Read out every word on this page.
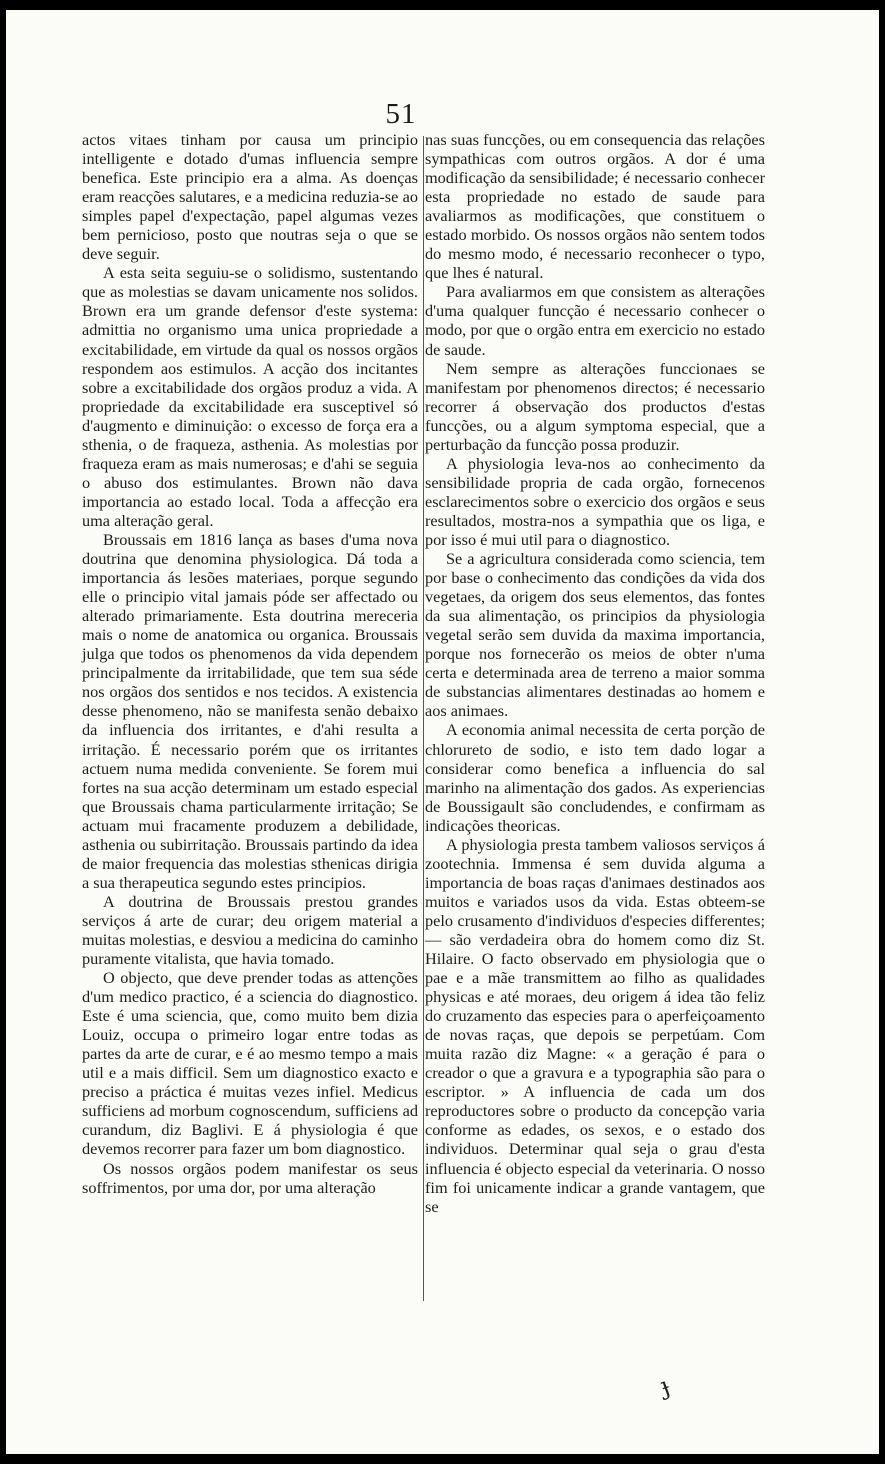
51

actos vitaes tinham por causa um principio intelligente e dotado d'umas influencia sempre benefica. Este principio era a alma. As doenças eram reacções salutares, e a medicina reduzia-se ao simples papel d'expectação, papel algumas vezes bem pernicioso, posto que noutras seja o que se deve seguir.

A esta seita seguiu-se o solidismo, sustentando que as molestias se davam unicamente nos solidos. Brown era um grande defensor d'este systema: admittia no organismo uma unica propriedade a excitabilidade, em virtude da qual os nossos orgãos respondem aos estimulos. A acção dos incitantes sobre a excitabilidade dos orgãos produz a vida. A propriedade da excitabilidade era susceptivel só d'augmento e diminuição: o excesso de força era a sthenia, o de fraqueza, asthenia. As molestias por fraqueza eram as mais numerosas; e d'ahi se seguia o abuso dos estimulantes. Brown não dava importancia ao estado local. Toda a affecção era uma alteração geral.

Broussais em 1816 lança as bases d'uma nova doutrina que denomina physiologica. Dá toda a importancia ás lesões materiaes, porque segundo elle o principio vital jamais póde ser affectado ou alterado primariamente. Esta doutrina mereceria mais o nome de anatomica ou organica. Broussais julga que todos os phenomenos da vida dependem principalmente da irritabilidade, que tem sua séde nos orgãos dos sentidos e nos tecidos. A existencia desse phenomeno, não se manifesta senão debaixo da influencia dos irritantes, e d'ahi resulta a irritação. É necessario porém que os irritantes actuem numa medida conveniente. Se forem mui fortes na sua acção determinam um estado especial que Broussais chama particularmente irritação; Se actuam mui fracamente produzem a debilidade, asthenia ou subirritação. Broussais partindo da idea de maior frequencia das molestias sthenicas dirigia a sua therapeutica segundo estes principios.

A doutrina de Broussais prestou grandes serviços á arte de curar; deu origem material a muitas molestias, e desviou a medicina do caminho puramente vitalista, que havia tomado.

O objecto, que deve prender todas as attenções d'um medico practico, é a sciencia do diagnostico. Este é uma sciencia, que, como muito bem dizia Louiz, occupa o primeiro logar entre todas as partes da arte de curar, e é ao mesmo tempo a mais util e a mais difficil. Sem um diagnostico exacto e preciso a práctica é muitas vezes infiel. Medicus sufficiens ad morbum cognoscendum, sufficiens ad curandum, diz Baglivi. E á physiologia é que devemos recorrer para fazer um bom diagnostico.

Os nossos orgãos podem manifestar os seus soffrimentos, por uma dor, por uma alteração

nas suas funcções, ou em consequencia das relações sympathicas com outros orgãos. A dor é uma modificação da sensibilidade; é necessario conhecer esta propriedade no estado de saude para avaliarmos as modificações, que constituem o estado morbido. Os nossos orgãos não sentem todos do mesmo modo, é necessario reconhecer o typo, que lhes é natural.

Para avaliarmos em que consistem as alterações d'uma qualquer funcção é necessario conhecer o modo, por que o orgão entra em exercicio no estado de saude.

Nem sempre as alterações funccionaes se manifestam por phenomenos directos; é necessario recorrer á observação dos productos d'estas funcções, ou a algum symptoma especial, que a perturbação da funcção possa produzir.

A physiologia leva-nos ao conhecimento da sensibilidade propria de cada orgão, fornecenos esclarecimentos sobre o exercicio dos orgãos e seus resultados, mostra-nos a sympathia que os liga, e por isso é mui util para o diagnostico.

Se a agricultura considerada como sciencia, tem por base o conhecimento das condições da vida dos vegetaes, da origem dos seus elementos, das fontes da sua alimentação, os principios da physiologia vegetal serão sem duvida da maxima importancia, porque nos fornecerão os meios de obter n'uma certa e determinada area de terreno a maior somma de substancias alimentares destinadas ao homem e aos animaes.

A economia animal necessita de certa porção de chlorureto de sodio, e isto tem dado logar a considerar como benefica a influencia do sal marinho na alimentação dos gados. As experiencias de Boussigault são concludendes, e confirmam as indicações theoricas.

A physiologia presta tambem valiosos serviços á zootechnia. Immensa é sem duvida alguma a importancia de boas raças d'animaes destinados aos muitos e variados usos da vida. Estas obteem-se pelo crusamento d'individuos d'especies differentes; — são verdadeira obra do homem como diz St. Hilaire. O facto observado em physiologia que o pae e a mãe transmittem ao filho as qualidades physicas e até moraes, deu origem á idea tão feliz do cruzamento das especies para o aperfeiçoamento de novas raças, que depois se perpetúam. Com muita razão diz Magne: « a geração é para o creador o que a gravura e a typographia são para o escriptor. » A influencia de cada um dos reproductores sobre o producto da concepção varia conforme as edades, os sexos, e o estado dos individuos. Determinar qual seja o grau d'esta influencia é objecto especial da veterinaria. O nosso fim foi unicamente indicar a grande vantagem, que se

ɟ
